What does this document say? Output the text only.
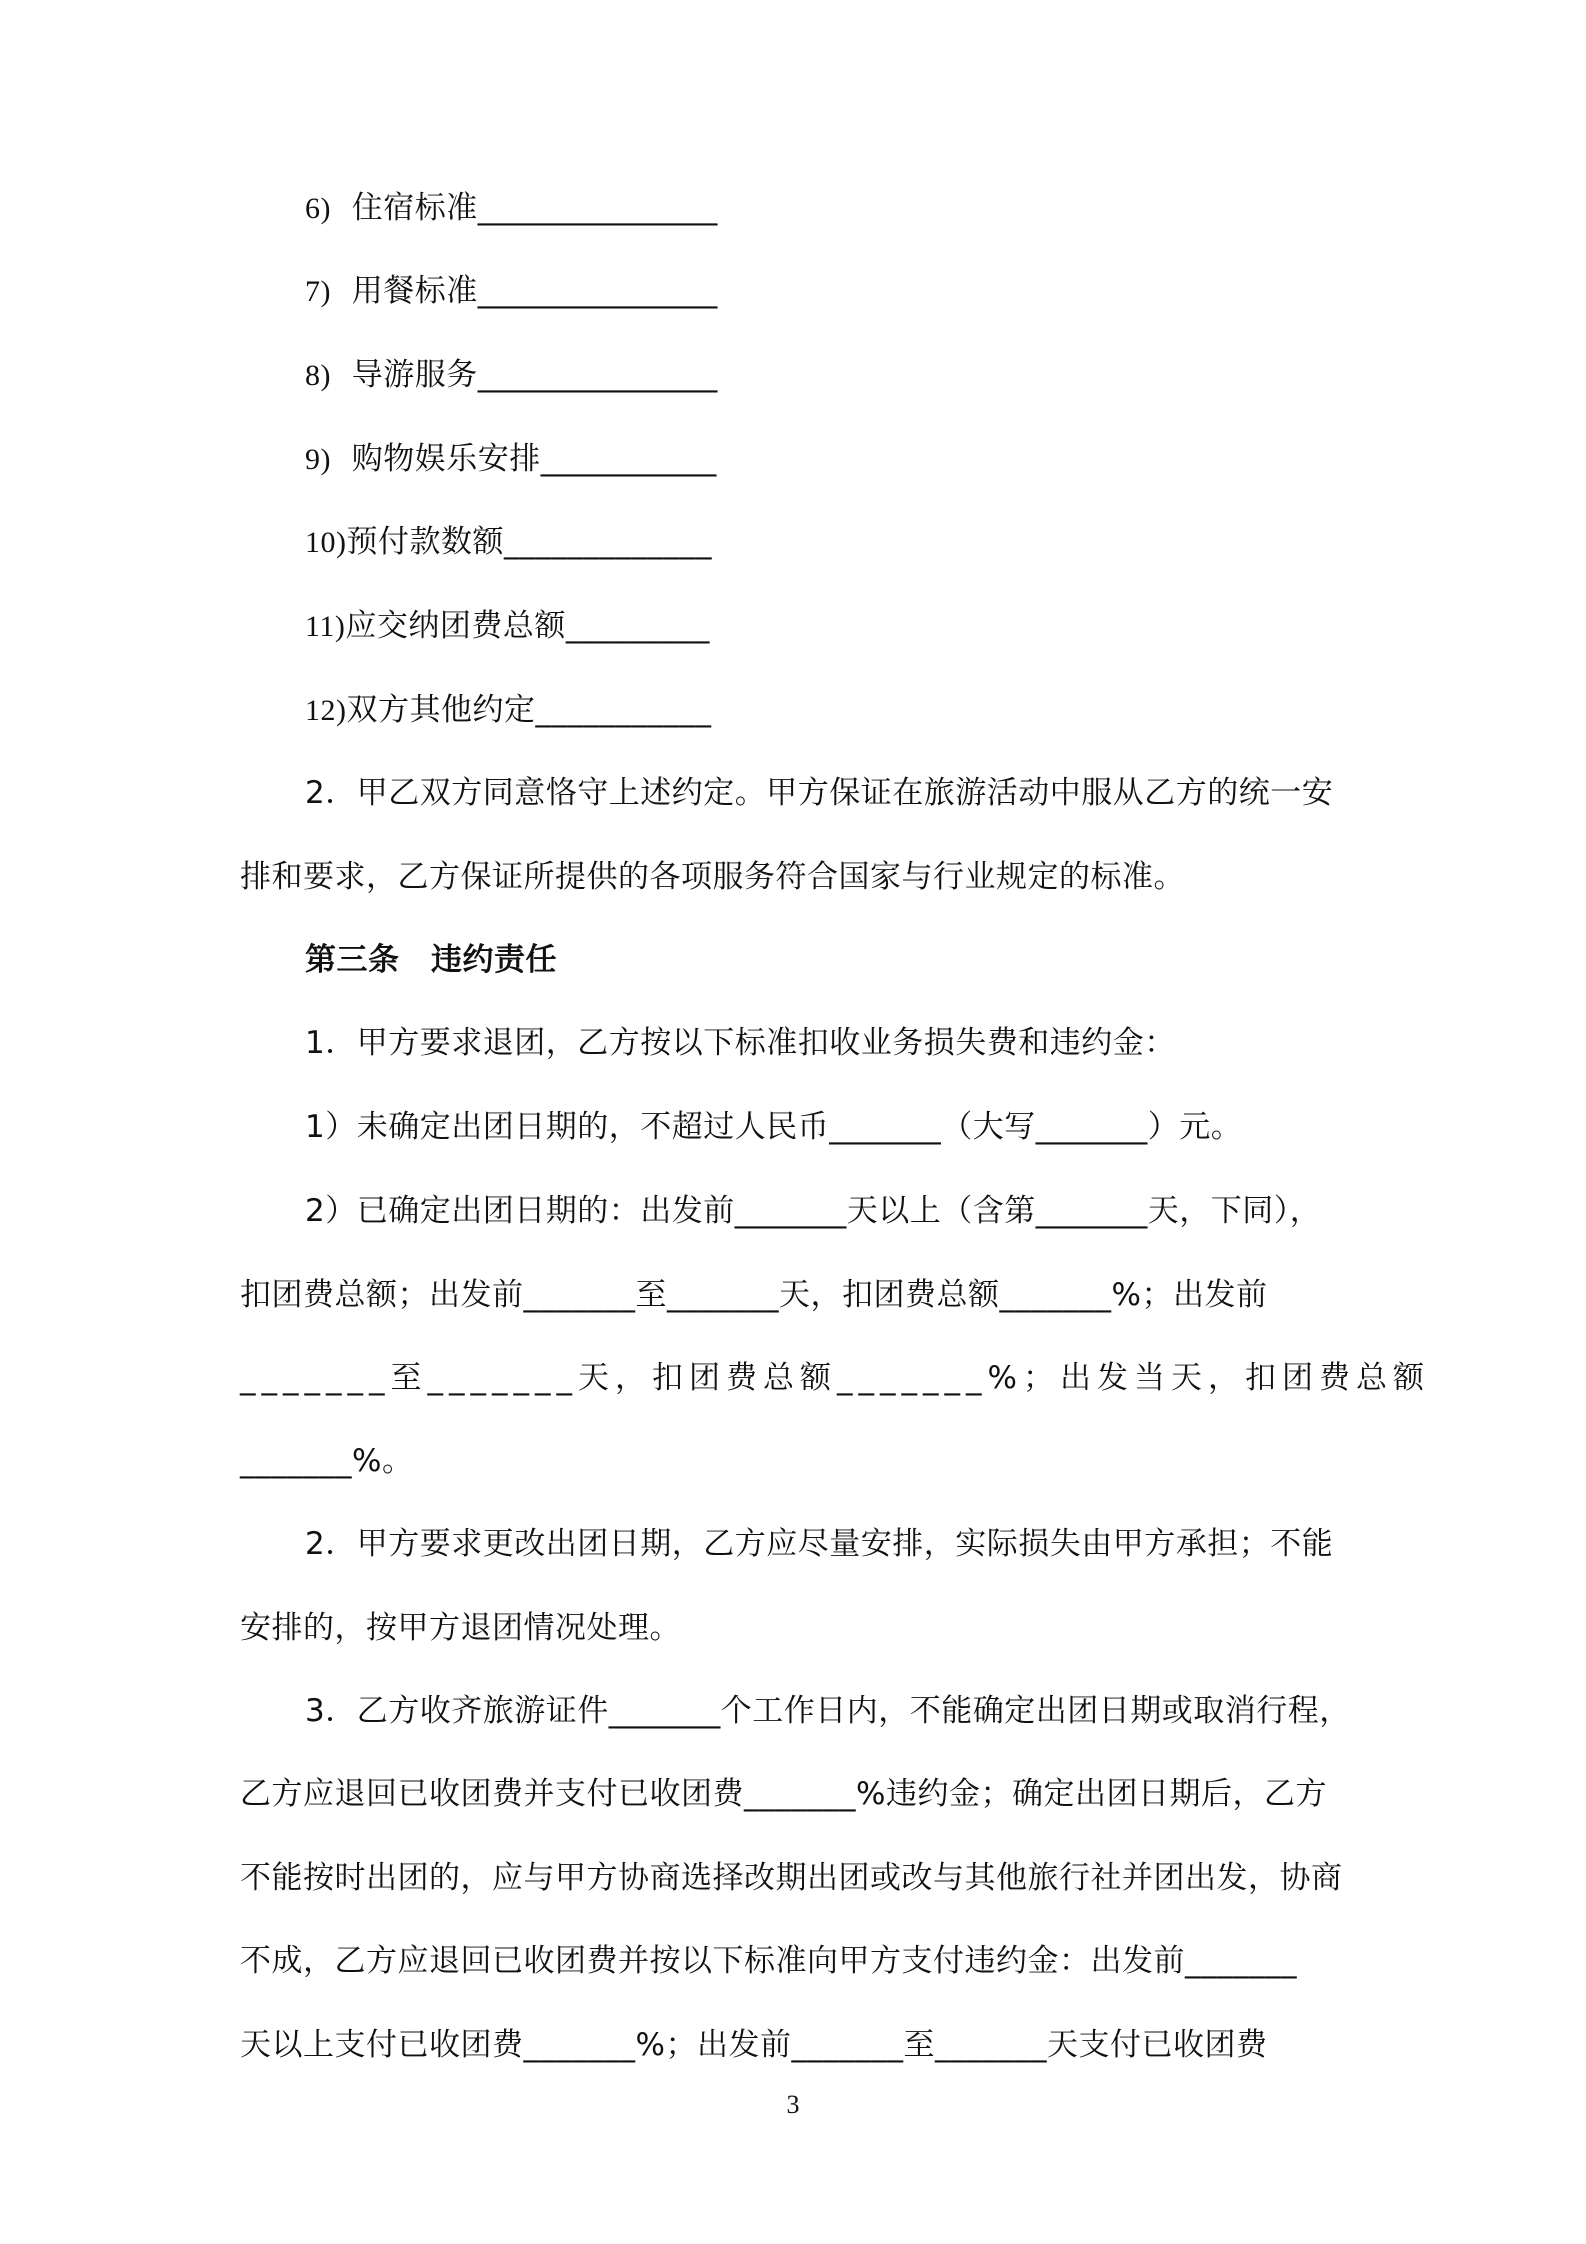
6) 住宿标准_______________
7) 用餐标准_______________
8) 导游服务_______________
9) 购物娱乐安排___________
10)预付款数额_____________
11)应交纳团费总额_________
12)双方其他约定___________
2．甲乙双方同意恪守上述约定。甲方保证在旅游活动中服从乙方的统一安
排和要求，乙方保证所提供的各项服务符合国家与行业规定的标准。
第三条　违约责任
1．甲方要求退团，乙方按以下标准扣收业务损失费和违约金：
1）未确定出团日期的，不超过人民币_______（大写_______）元。
2）已确定出团日期的：出发前_______天以上（含第_______天，下同），
扣团费总额；出发前_______至_______天，扣团费总额_______%；出发前
_______至_______天，扣团费总额_______%；出发当天，扣团费总额
_______%。
2．甲方要求更改出团日期，乙方应尽量安排，实际损失由甲方承担；不能
安排的，按甲方退团情况处理。
3．乙方收齐旅游证件_______个工作日内，不能确定出团日期或取消行程，
乙方应退回已收团费并支付已收团费_______%违约金；确定出团日期后，乙方
不能按时出团的，应与甲方协商选择改期出团或改与其他旅行社并团出发，协商
不成，乙方应退回已收团费并按以下标准向甲方支付违约金：出发前_______
天以上支付已收团费_______%；出发前_______至_______天支付已收团费
3
